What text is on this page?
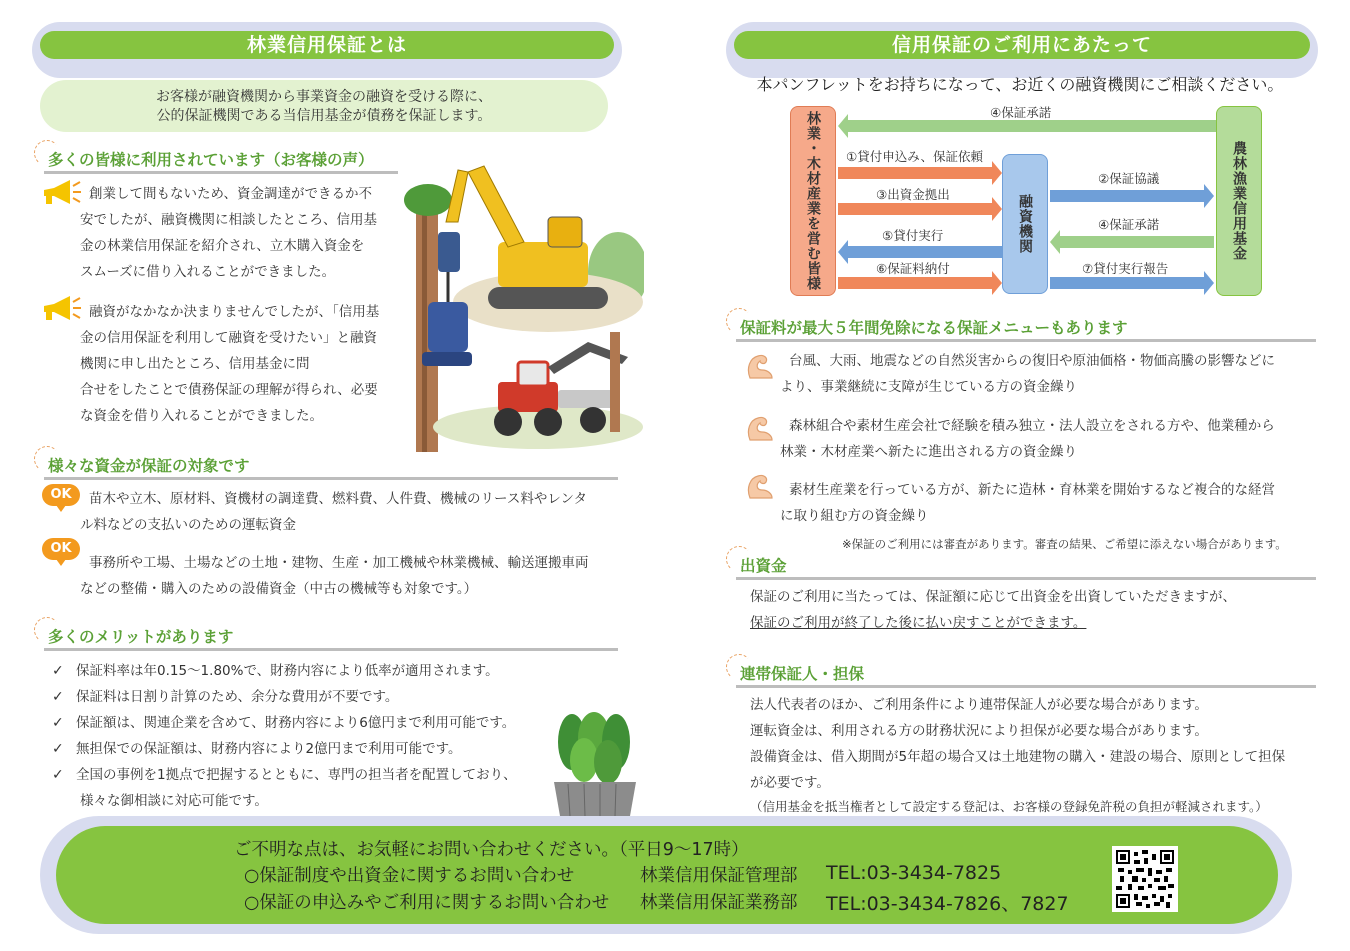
林業信用保証とは
お客様が融資機関から事業資金の融資を受ける際に、
公的保証機関である当信用基金が債務を保証します。
多くの皆様に利用されています（お客様の声）

創業して間もないため、資金調達ができるか不

安でしたが、融資機関に相談したところ、信用基

金の林業信用保証を紹介され、立木購入資金を

スムーズに借り入れることができました。

融資がなかなか決まりませんでしたが、「信用基

金の信用保証を利用して融資を受けたい」と融資

機関に申し出たところ、信用基金に問

合せをしたことで債務保証の理解が得られ、必要

な資金を借り入れることができました。

様々な資金が保証の対象です
OK	苗木や立木、原材料、資機材の調達費、燃料費、人件費、機械のリース料やレンタ

ル料などの支払いのための運転資金

OK

事務所や工場、土場などの土地・建物、生産・加工機械や林業機械、輸送運搬車両

などの整備・購入のための設備資金（中古の機械等も対象です。）

多くのメリットがあります
✓ 保証料率は年0.15～1.80%で、財務内容により低率が適用されます。
✓ 保証料は日割り計算のため、余分な費用が不要です。
✓ 保証額は、関連企業を含めて、財務内容により6億円まで利用可能です。
✓ 無担保での保証額は、財務内容により2億円まで利用可能です。
✓ 全国の事例を1拠点で把握するとともに、専門の担当者を配置しており、
様々な御相談に対応可能です。
信用保証のご利用にあたって
本パンフレットをお持ちになって、お近くの融資機関にご相談ください。
林業・木材産業を営む皆様	融資機関	農林漁業信用基金
④保証承諾
①貸付申込み、保証依頼
③出資金拠出
⑤貸付実行
⑥保証料納付
②保証協議
④保証承諾
⑦貸付実行報告
保証料が最大５年間免除になる保証メニューもあります

台風、大雨、地震などの自然災害からの復旧や原油価格・物価高騰の影響などに

より、事業継続に支障が生じている方の資金繰り

森林組合や素材生産会社で経験を積み独立・法人設立をされる方や、他業種から

林業・木材産業へ新たに進出される方の資金繰り

素材生産業を行っている方が、新たに造林・育林業を開始するなど複合的な経営

に取り組む方の資金繰り

※保証のご利用には審査があります。審査の結果、ご希望に添えない場合があります。
出資金

保証のご利用に当たっては、保証額に応じて出資金を出資していただきますが、

保証のご利用が終了した後に払い戻すことができます。

連帯保証人・担保

法人代表者のほか、ご利用条件により連帯保証人が必要な場合があります。

運転資金は、利用される方の財務状況により担保が必要な場合があります。

設備資金は、借入期間が5年超の場合又は土地建物の購入・建設の場合、原則として担保

が必要です。

（信用基金を抵当権者として設定する登記は、お客様の登録免許税の負担が軽減されます。）

ご不明な点は、お気軽にお問い合わせください。（平日9～17時）
○保証制度や出資金に関するお問い合わせ	林業信用保証管理部 TEL:03-3434-7825
○保証の申込みやご利用に関するお問い合わせ 林業信用保証業務部 TEL:03-3434-7826、7827
